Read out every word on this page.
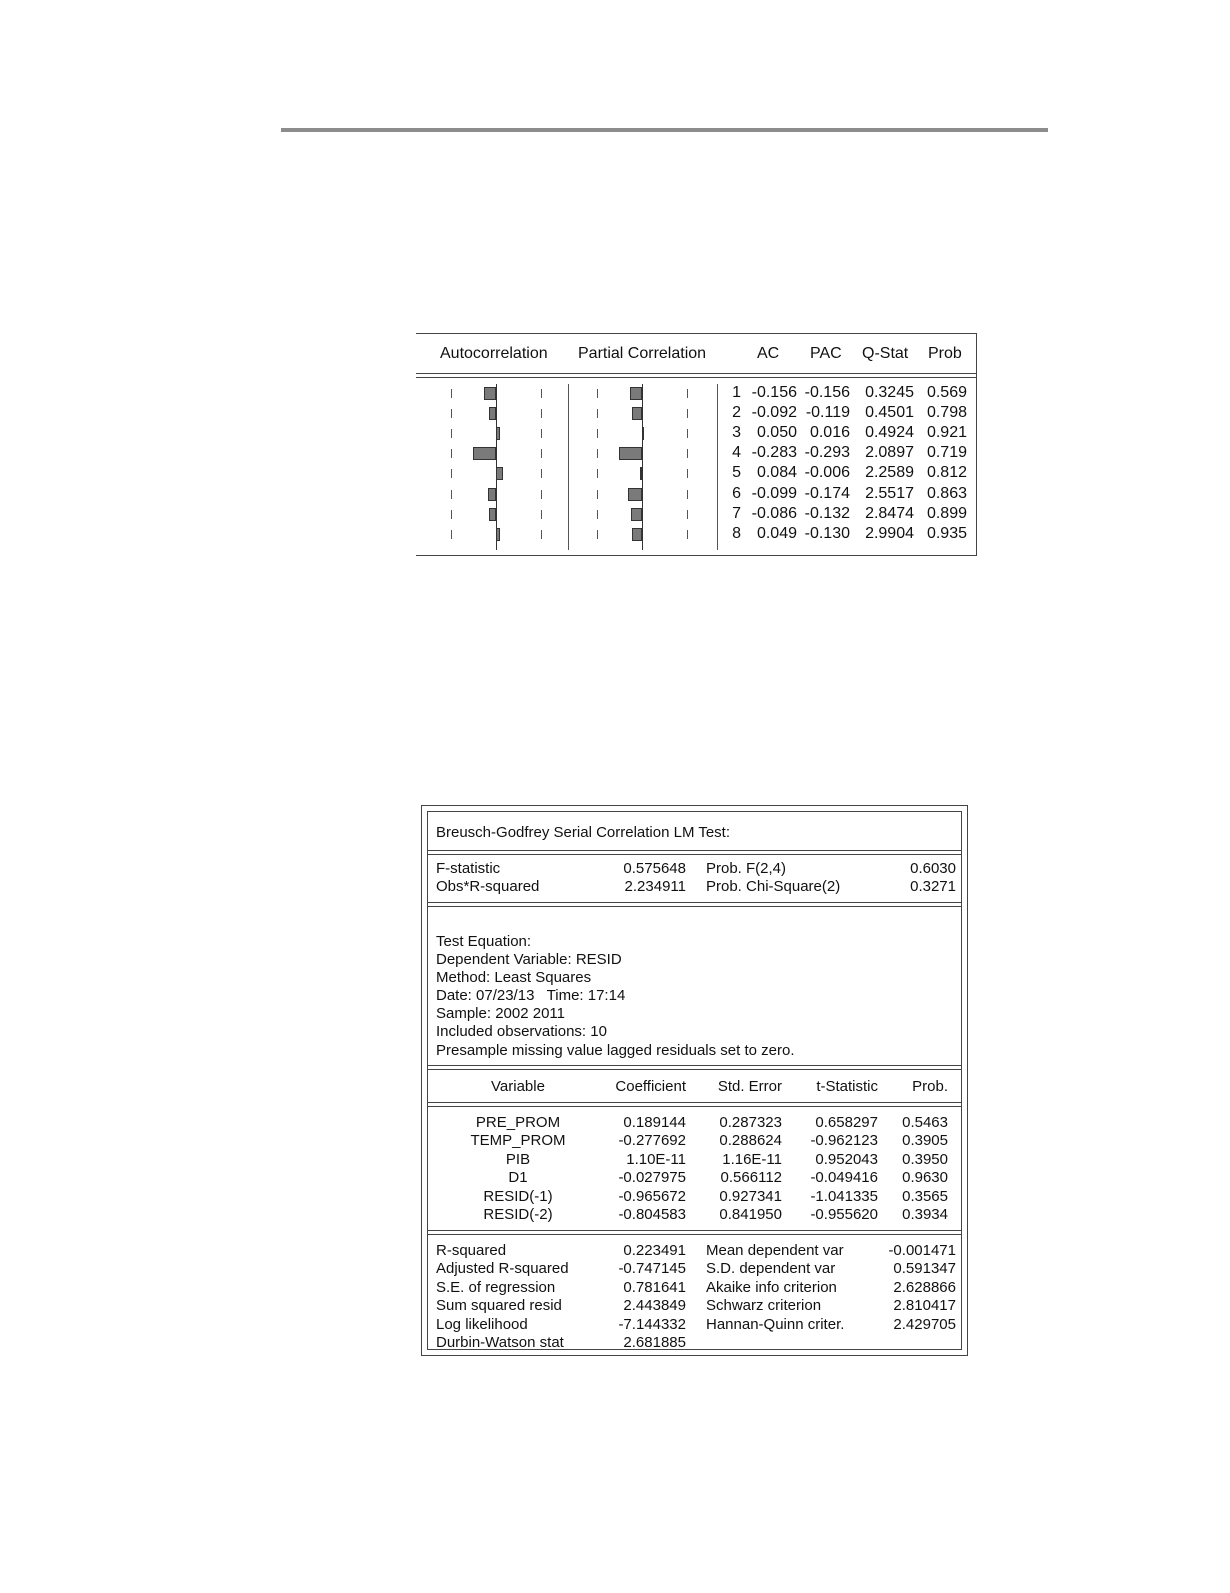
Autocorrelation Partial Correlation	AC PAC Q-Stat Prob
1 -0.156 -0.156 0.3245 0.569
2 -0.092 -0.119 0.4501 0.798
3 0.050 0.016 0.4924 0.921
4 -0.283 -0.293 2.0897 0.719
5 0.084 -0.006 2.2589 0.812
6 -0.099 -0.174 2.5517 0.863
7 -0.086 -0.132 2.8474 0.899
8 0.049 -0.130 2.9904 0.935
Breusch-Godfrey Serial Correlation LM Test:
F-statistic	0.575648 Prob. F(2,4)	0.6030
Obs*R-squared	2.234911 Prob. Chi-Square(2)	0.3271
Test Equation:
Dependent Variable: RESID
Method: Least Squares
Date: 07/23/13   Time: 17:14
Sample: 2002 2011
Included observations: 10
Presample missing value lagged residuals set to zero.
Variable	Coefficient	Std. Error	t-Statistic	Prob.
PRE_PROM	0.189144	0.287323	0.658297	0.5463
TEMP_PROM	-0.277692	0.288624	-0.962123	0.3905
PIB	1.10E-11	1.16E-11	0.952043	0.3950
D1	-0.027975	0.566112	-0.049416	0.9630
RESID(-1)	-0.965672	0.927341	-1.041335	0.3565
RESID(-2)	-0.804583	0.841950	-0.955620	0.3934
R-squared	0.223491 Mean dependent var	-0.001471
Adjusted R-squared	-0.747145 S.D. dependent var	0.591347
S.E. of regression	0.781641 Akaike info criterion	2.628866
Sum squared resid	2.443849 Schwarz criterion	2.810417
Log likelihood	-7.144332 Hannan-Quinn criter.	2.429705
Durbin-Watson stat	2.681885
